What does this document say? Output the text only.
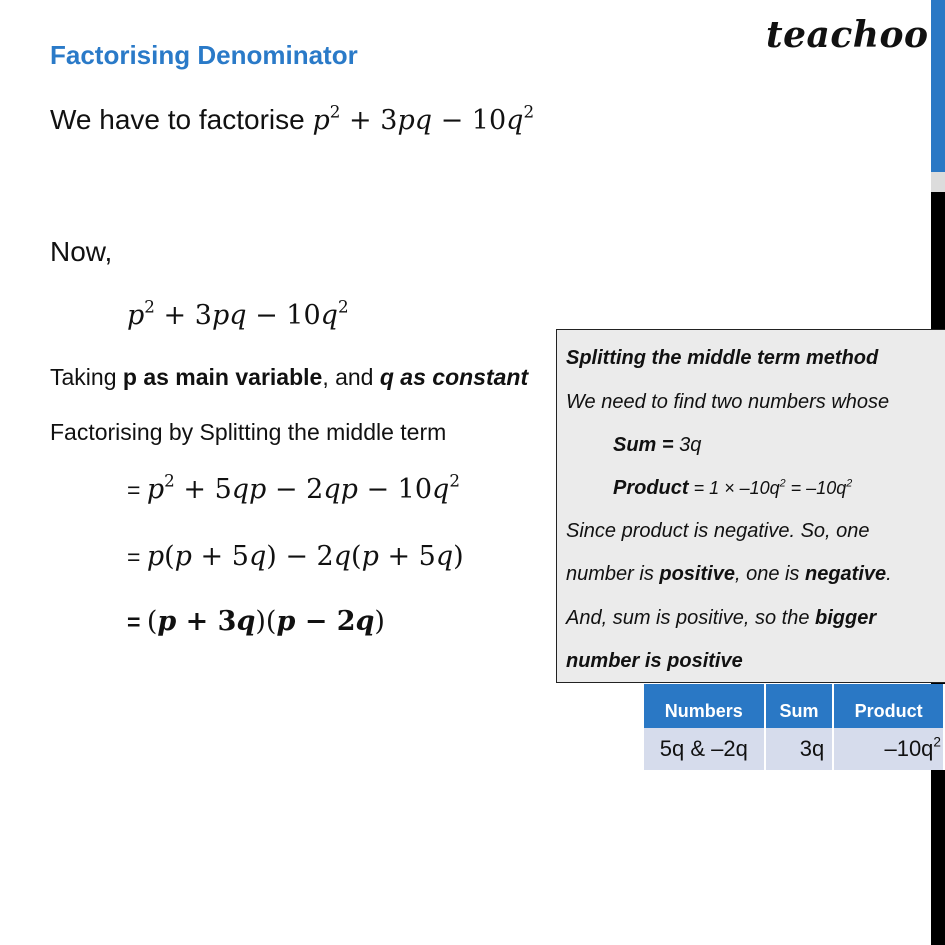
teachoo
Factorising Denominator
We have to factorise $p^2 + 3pq - 10q^2$
Now,
$p^2 + 3pq - 10q^2$
Taking p as main variable, and q as constant
Factorising by Splitting the middle term
= $p^2 + 5qp - 2qp - 10q^2$
= p(p + 5q) − 2q(p + 5q)
= (p + 3q)(p − 2q)
Splitting the middle term method
We need to find two numbers whose
Sum = 3q
Product = $1 \times -10q^2 = -10q^2$
Since product is negative. So, one
number is positive, one is negative.
And, sum is positive, so the bigger
number is positive
Numbers	Sum	Product
5q & –2q	3q	$-10q^2$
